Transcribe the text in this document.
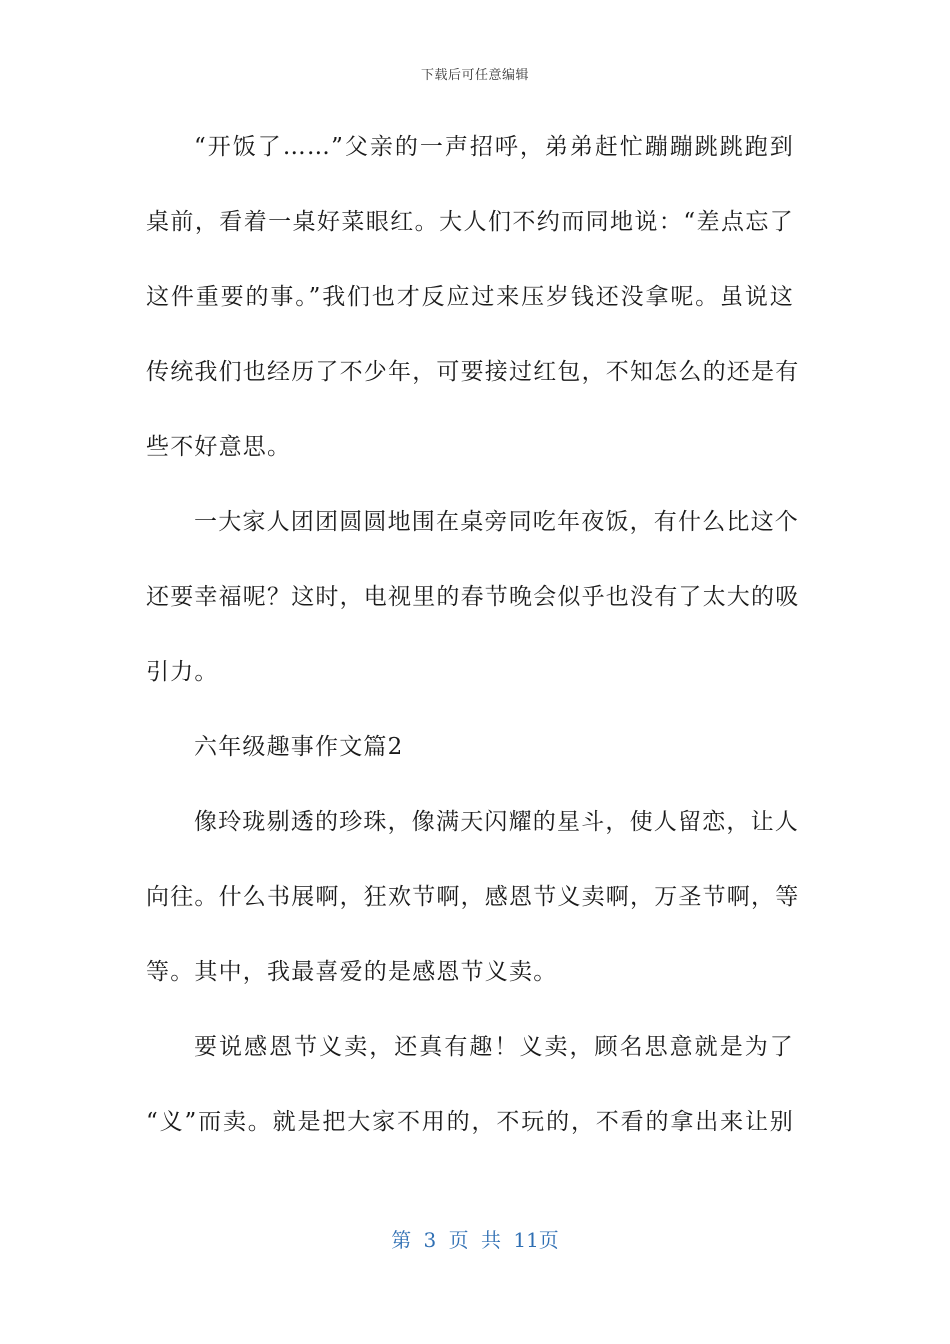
下载后可任意编辑
“开饭了……”父亲的一声招呼，弟弟赶忙蹦蹦跳跳跑到
桌前，看着一桌好菜眼红。大人们不约而同地说：“差点忘了
这件重要的事。”我们也才反应过来压岁钱还没拿呢。虽说这
传统我们也经历了不少年，可要接过红包，不知怎么的还是有
些不好意思。
一大家人团团圆圆地围在桌旁同吃年夜饭，有什么比这个
还要幸福呢？这时，电视里的春节晚会似乎也没有了太大的吸
引力。
六年级趣事作文篇2
像玲珑剔透的珍珠，像满天闪耀的星斗，使人留恋，让人
向往。什么书展啊，狂欢节啊，感恩节义卖啊，万圣节啊，等
等。其中，我最喜爱的是感恩节义卖。
要说感恩节义卖，还真有趣！义卖，顾名思意就是为了
“义”而卖。就是把大家不用的，不玩的，不看的拿出来让别
第 3 页 共 11页
